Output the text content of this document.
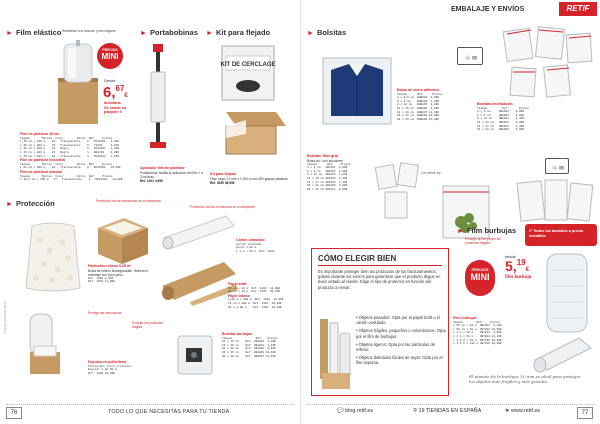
► Film elástico Resistente a la tracción y buen agarre
PRECIOS
MINI
Desde
6,67€
la bobina.
Se vende en
paquete 6
Film de paletizar 45 cm
Tamaño       Micras  Color        Rollo  Ref.    Precio
L 45 cm x 200 m    23   Transparente    6   5512183   3,68€
L 45 cm x 300 m    23   Transparente    6   T4246     4,62€
L 45 cm x 200 m    23   Negro           6   9912047   1,29€
L 45 cm x 200 m    23   Negro           1   9B4729    4,29€
L 45 cm x 200 m    23   Transparente    1   5510142   7,54€
Film de paletizar industrial
Tamaño       Micras  Color        Rollo  Ref.    Precio
L 50 cm x 300 m    20   Transparente    6   B212504   10,69€
Film de paletizar manual
Tamaño       Micras  Color        Rollo  Ref.    Precio
L 10,2 cm x 150 m   17   Transparente    1   B510183   14,99€
► Portabobinas
Aplicador film de paletizar
Portabobina, facilita la aplicación del film 1 a 3 bobinas.
Ref. 1401 4,99€
► Kit para flejado
KIT DE CERCLAGE
Kit para flejado
Fleje negro 12 mm x 1.000 m con 350 grapas plásticas
Ref. 3050 36,95€
► Protección	Protección de las mercancías en el transporte
Protección de las mercancías en el transporte
Partículas relleno 0,25 m³
Bolsa de relleno biodegradable. Rellena el embalaje con poco peso.
Ref. 1902 4,99€
Ref. 1903 11,99€
Cartón ondulado
Cartón ondulado
Ancho 1,00 m
L 1 m x 50 m  Ref. 9104
Papel kraft
50 cm x 10 m  Ref. 1404  13,99€
80 cm x 10 m  Ref. 1405  20,19€
Papel blanco
1,00 m x 200 m  Ref. 1406  14,99€
70 cm x 200 m  Ref. 1407  18,99€
60 x 1,00 m    Ref. 1408  16,49€
Protege las mercancías
Espuma en polietileno
Protección entre cristales
Espesor 1 mm 50 m
Ref. 1409 24,99€
Protege los productos frágiles
Bolsitas burbujas
Tamaño              Ref.   Precio
10 x 15 cm    Ref. 3B1803  3,09€
15 x 20 cm    Ref. 3B1804  4,39€
20 x 30 cm    Ref. 3B1805  8,99€
25 x 35 cm    Ref. 3B1806 10,49€
30 x 40 cm    Ref. 3B1807 13,49€
Catálogo embalaje 2018
76	TODO LO QUE NECESITAS PARA TU TIENDA
EMBALAJE Y ENVÍOS	RETIF
► Bolsitas
♲ ✉
Bolsa de cierre adhesivo
Tamaño      Ref.     Precio
4 x 8,5 cm  B3B803  6,99€
6 x 8 cm    B3B804  7,49€
8 x 12 cm   B3B805  8,49€
10 x 15 cm  B3B806  9,99€
12 x 18 cm  B3B807 11,49€
15 x 22 cm  B3B808 13,99€
18 x 25 cm  B3B809 15,49€
Bolsitas reutilizables
Tamaño         Ref.      Precio
4 x 6 cm     3BA601    0,99€
6 x 8 cm     3BA602    1,99€
8 x 12 cm    3BA603    2,49€
10 x 15 cm   3BA604    3,99€
12 x 17 cm   3BA605    4,49€
15 x 22 cm   3BA606    5,99€
Bolsitas 'Mini grip'
Bolsa zip / con autocierre
Tamaño      Ref.    Precio
4 x 6 cm   3B1401  0,99€
6 x 8 cm   3B1402  1,29€
8 x 12 cm  3B1403  1,89€
10 x 15 cm 3B1404  2,49€
12 x 17 cm 3B1405  3,49€
16 x 22 cm 3B1406  4,99€
20 x 30 cm 3B1407  6,99€
Con cierre zip
♲ ✉
► Film burbujas
Protege de los golpes los productos frágiles
✔ Todos los tamaños a precio imbatible
CÓMO ELEGIR BIEN
Es importante proteger bien tus productos de los fracturamientos, golpes durante los envíos para garantizar que el producto llegue en buen estado al cliente. Elige el tipo de protector en función del producto a enviar:
• Objetos pesados: Opta por el papel kraft o el cartón ondulado.
• Objetos frágiles, pequeños o voluminosos: Opta por el film de burbujas.
• Objetos ligeros: Opta por las partículas de relleno.
• Objetos delicados fáciles de rayar: Opta por el film espuma.
PRECIOS
MINI
desde
5,19€
film burbuja
Film burbujas
Tamaño        Ref.    Precio
L 50 cm x 10 m  3B7201  5,19€
L 50 cm x 50 m  3B7202 10,99€
L 1 m x 10 m    3B7203  9,99€
L 1 m x 50 m    3B7204 21,49€
L 1,2 m x 10 m  3B7205 12,99€
L 1,5 m x 100 m 3B7206 28,99€
El tamaño de la burbuja: 10 mm es ideal para proteger los objetos más frágiles y más grandes.
💬 blog.retif.es	⚲ 19 TIENDAS EN ESPAÑA	➤ www.retif.es	77
